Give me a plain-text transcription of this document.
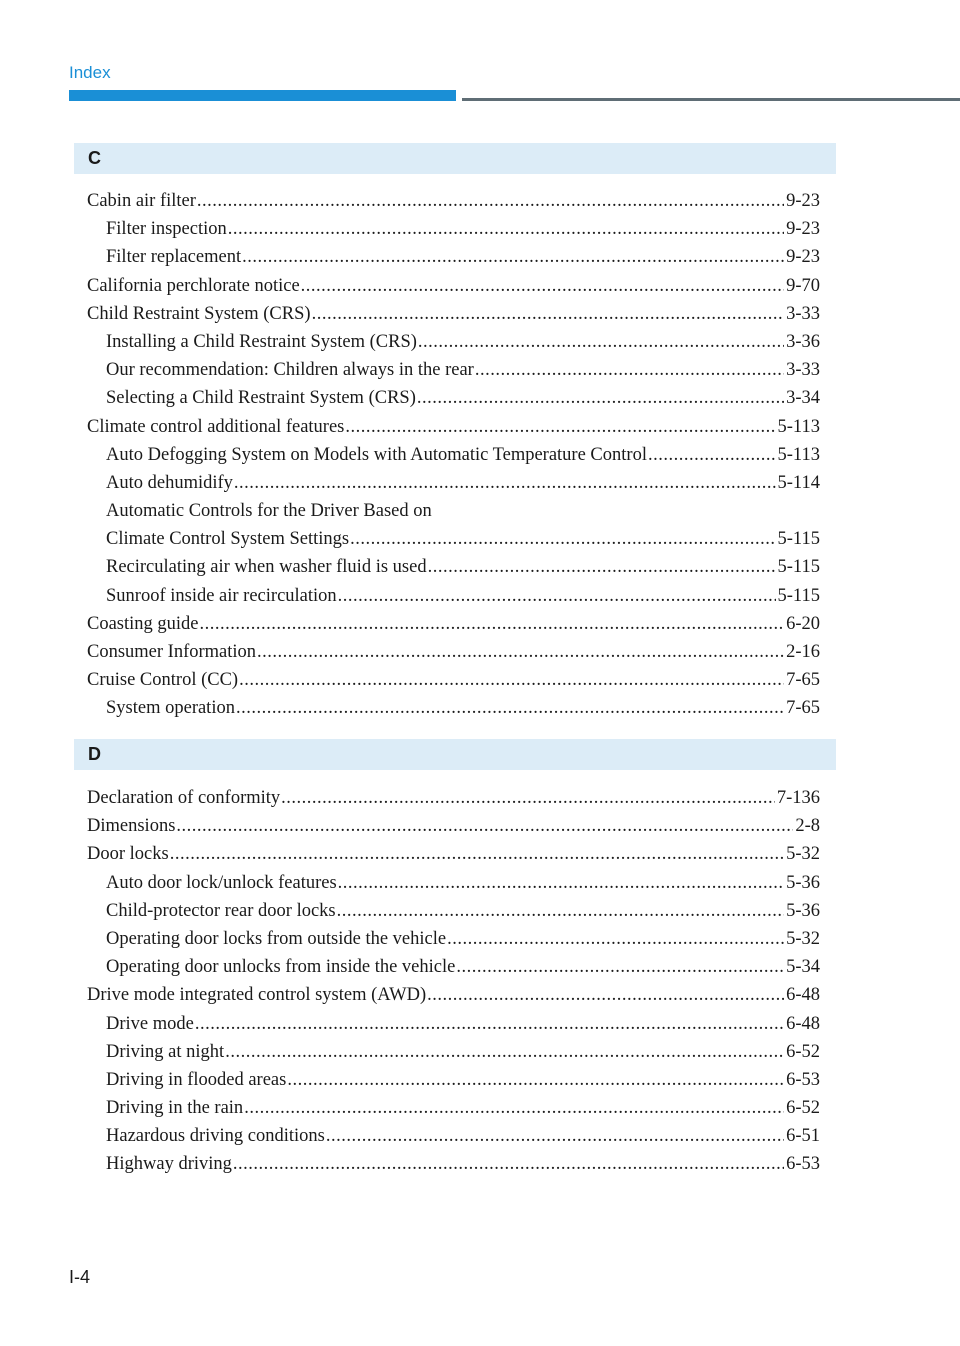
Index
C
Cabin air filter .....	9-23
Filter inspection .....	9-23
Filter replacement .....	9-23
California perchlorate notice .....	9-70
Child Restraint System (CRS) .....	3-33
Installing a Child Restraint System (CRS) .....	3-36
Our recommendation: Children always in the rear .....	3-33
Selecting a Child Restraint System (CRS) .....	3-34
Climate control additional features .....	5-113
Auto Defogging System on Models with Automatic Temperature Control .....	5-113
Auto dehumidify .....	5-114
Automatic Controls for the Driver Based on
Climate Control System Settings .....	5-115
Recirculating air when washer fluid is used .....	5-115
Sunroof inside air recirculation .....	5-115
Coasting guide .....	6-20
Consumer Information .....	2-16
Cruise Control (CC) .....	7-65
System operation .....	7-65
D
Declaration of conformity .....	7-136
Dimensions .....	2-8
Door locks .....	5-32
Auto door lock/unlock features .....	5-36
Child-protector rear door locks .....	5-36
Operating door locks from outside the vehicle .....	5-32
Operating door unlocks from inside the vehicle .....	5-34
Drive mode integrated control system (AWD) .....	6-48
Drive mode .....	6-48
Driving at night .....	6-52
Driving in flooded areas .....	6-53
Driving in the rain .....	6-52
Hazardous driving conditions .....	6-51
Highway driving .....	6-53
I-4
